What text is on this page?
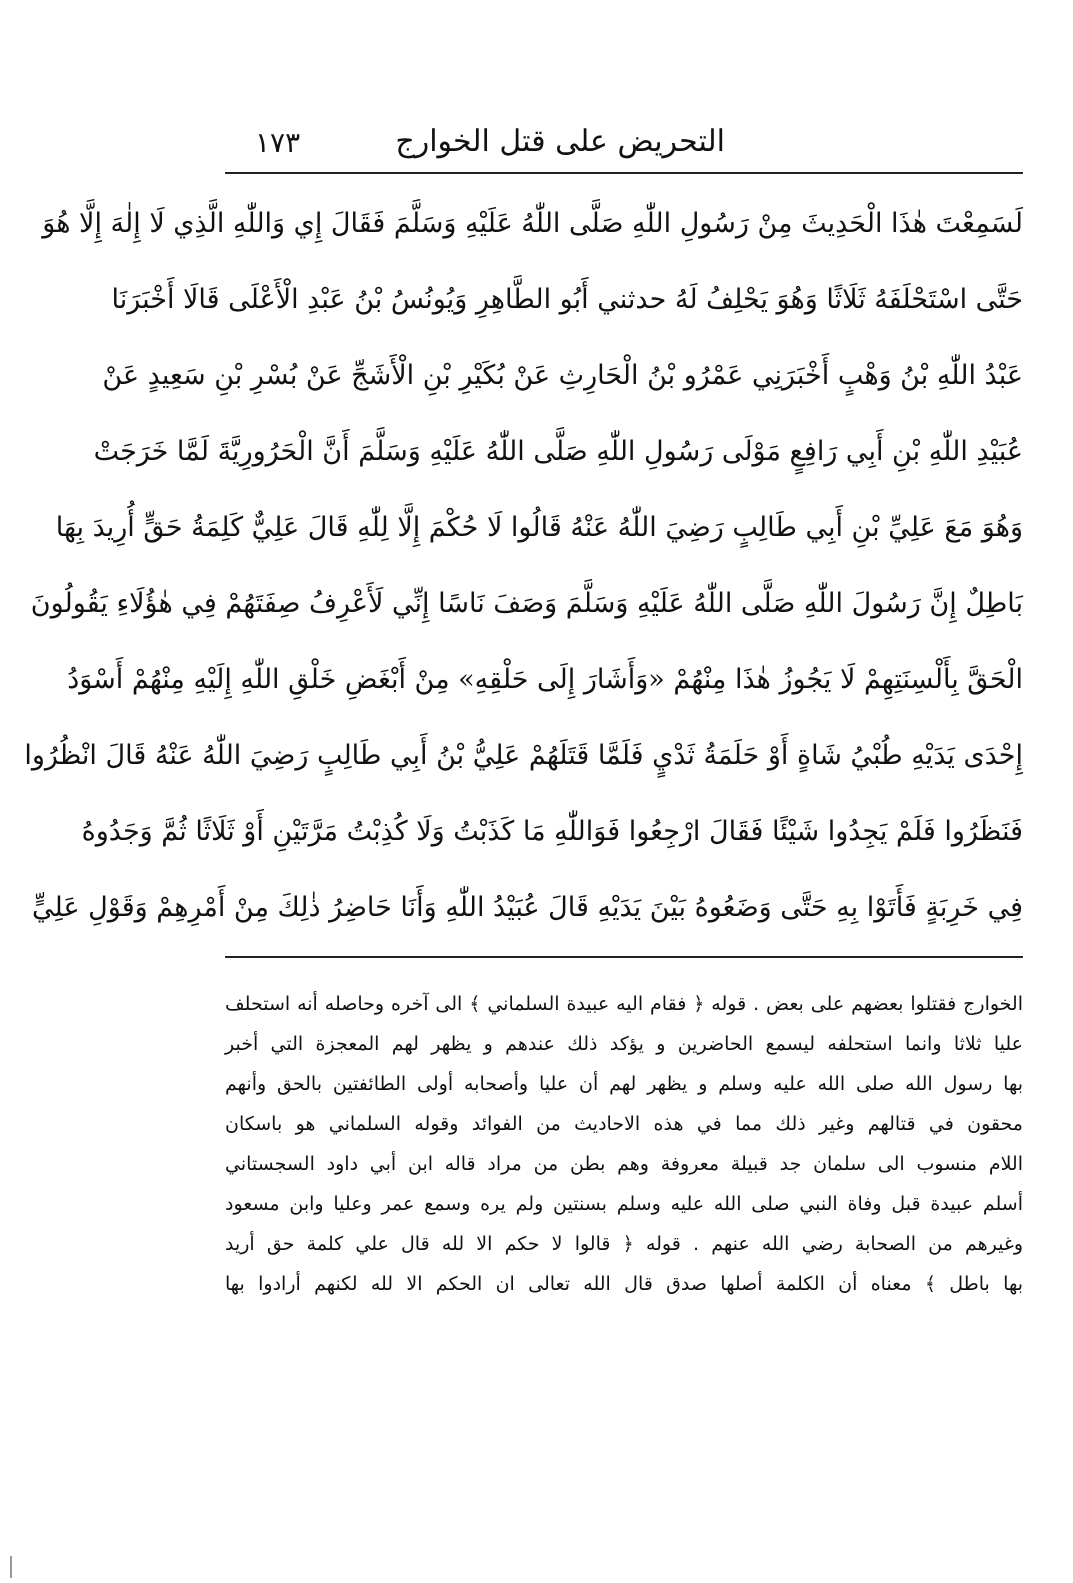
التحريض على قتل الخوارج
١٧٣
لَسَمِعْتَ هٰذَا الْحَدِيثَ مِنْ رَسُولِ اللّٰهِ صَلَّى اللّٰهُ عَلَيْهِ وَسَلَّمَ فَقَالَ إِي وَاللّٰهِ الَّذِي لَا إِلٰهَ إِلَّا هُوَ
حَتَّى اسْتَحْلَفَهُ ثَلَاثًا وَهُوَ يَحْلِفُ لَهُ حدثني أَبُو الطَّاهِرِ وَيُونُسُ بْنُ عَبْدِ الْأَعْلَى قَالَا أَخْبَرَنَا
عَبْدُ اللّٰهِ بْنُ وَهْبٍ أَخْبَرَنِي عَمْرُو بْنُ الْحَارِثِ عَنْ بُكَيْرِ بْنِ الْأَشَجِّ عَنْ بُسْرِ بْنِ سَعِيدٍ عَنْ
عُبَيْدِ اللّٰهِ بْنِ أَبِي رَافِعٍ مَوْلَى رَسُولِ اللّٰهِ صَلَّى اللّٰهُ عَلَيْهِ وَسَلَّمَ أَنَّ الْحَرُورِيَّةَ لَمَّا خَرَجَتْ
وَهُوَ مَعَ عَلِيِّ بْنِ أَبِي طَالِبٍ رَضِيَ اللّٰهُ عَنْهُ قَالُوا لَا حُكْمَ إِلَّا لِلّٰهِ قَالَ عَلِيٌّ كَلِمَةُ حَقٍّ أُرِيدَ بِهَا
بَاطِلٌ إِنَّ رَسُولَ اللّٰهِ صَلَّى اللّٰهُ عَلَيْهِ وَسَلَّمَ وَصَفَ نَاسًا إِنِّي لَأَعْرِفُ صِفَتَهُمْ فِي هٰؤُلَاءِ يَقُولُونَ
الْحَقَّ بِأَلْسِنَتِهِمْ لَا يَجُوزُ هٰذَا مِنْهُمْ «وَأَشَارَ إِلَى حَلْقِهِ» مِنْ أَبْغَضِ خَلْقِ اللّٰهِ إِلَيْهِ مِنْهُمْ أَسْوَدُ
إِحْدَى يَدَيْهِ طُبْيُ شَاةٍ أَوْ حَلَمَةُ ثَدْيٍ فَلَمَّا قَتَلَهُمْ عَلِيُّ بْنُ أَبِي طَالِبٍ رَضِيَ اللّٰهُ عَنْهُ قَالَ انْظُرُوا
فَنَظَرُوا فَلَمْ يَجِدُوا شَيْئًا فَقَالَ ارْجِعُوا فَوَاللّٰهِ مَا كَذَبْتُ وَلَا كُذِبْتُ مَرَّتَيْنِ أَوْ ثَلَاثًا ثُمَّ وَجَدُوهُ
فِي خَرِبَةٍ فَأَتَوْا بِهِ حَتَّى وَضَعُوهُ بَيْنَ يَدَيْهِ قَالَ عُبَيْدُ اللّٰهِ وَأَنَا حَاضِرُ ذٰلِكَ مِنْ أَمْرِهِمْ وَقَوْلِ عَلِيٍّ
الخوارج فقتلوا بعضهم على بعض . قوله ﴿ فقام اليه عبيدة السلماني ﴾ الى آخره وحاصله أنه استحلف
عليا ثلاثا وانما استحلفه ليسمع الحاضرين و يؤكد ذلك عندهم و يظهر لهم المعجزة التي أخبر
بها رسول الله صلى الله عليه وسلم و يظهر لهم أن عليا وأصحابه أولى الطائفتين بالحق وأنهم
محقون في قتالهم وغير ذلك مما في هذه الاحاديث من الفوائد وقوله السلماني هو باسكان
اللام منسوب الى سلمان جد قبيلة معروفة وهم بطن من مراد قاله ابن أبي داود السجستاني
أسلم عبيدة قبل وفاة النبي صلى الله عليه وسلم بسنتين ولم يره وسمع عمر وعليا وابن مسعود
وغيرهم من الصحابة رضي الله عنهم . قوله ﴿ قالوا لا حكم الا لله قال علي كلمة حق أريد
بها باطل ﴾ معناه أن الكلمة أصلها صدق قال الله تعالى ان الحكم الا لله لكنهم أرادوا بها
